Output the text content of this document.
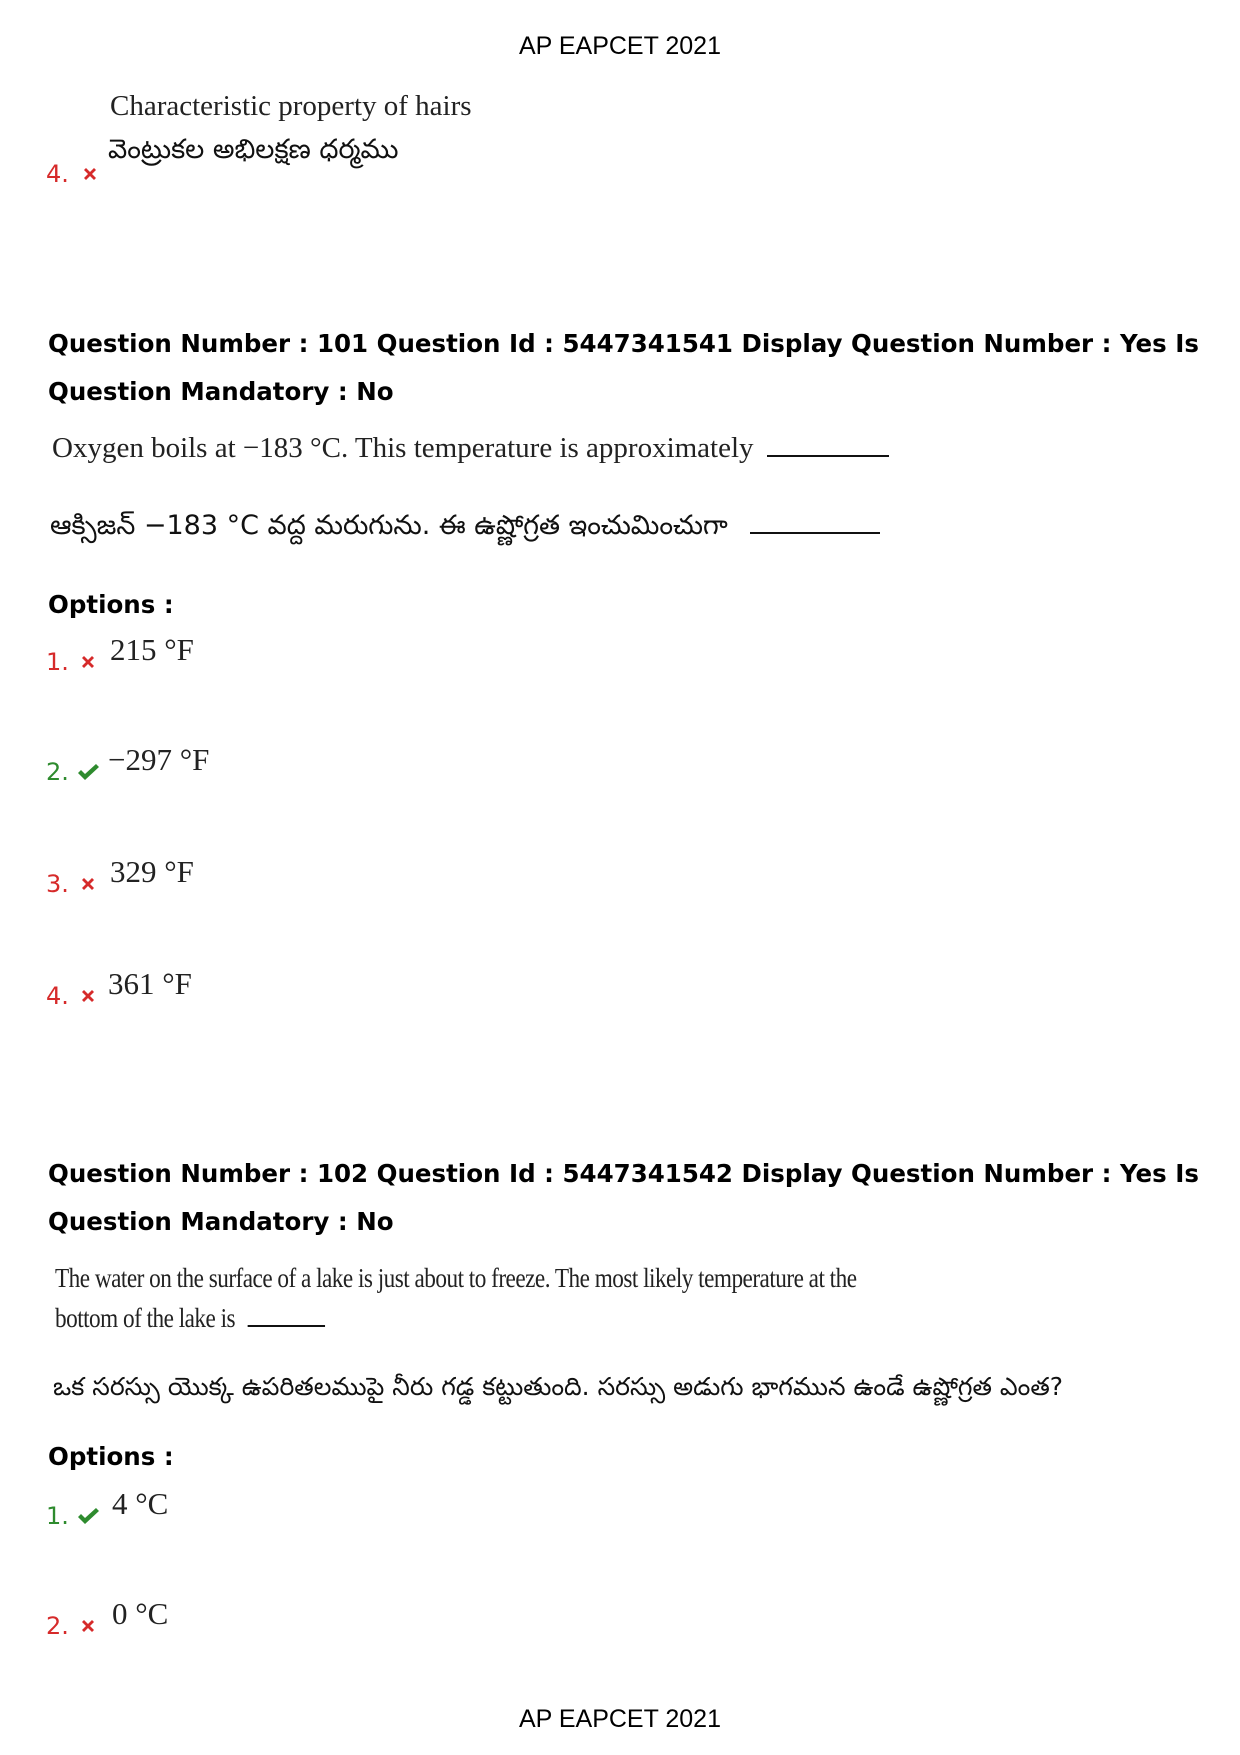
AP EAPCET 2021
Characteristic property of hairs
వెంట్రుకల అభిలక్షణ ధర్మము
4.
Question Number : 101 Question Id : 5447341541 Display Question Number : Yes Is Question Mandatory : No
Oxygen boils at −183 °C. This temperature is approximately
ఆక్సిజన్ −183 °C వద్ద మరుగును. ఈ ఉష్ణోగ్రత ఇంచుమించుగా
Options :
1. 215 °F
2. −297 °F
3. 329 °F
4. 361 °F
Question Number : 102 Question Id : 5447341542 Display Question Number : Yes Is Question Mandatory : No
The water on the surface of a lake is just about to freeze. The most likely temperature at the
bottom of the lake is
ఒక సరస్సు యొక్క ఉపరితలముపై నీరు గడ్డ కట్టుతుంది. సరస్సు అడుగు భాగమున ఉండే ఉష్ణోగ్రత ఎంత?
Options :
1. 4 °C
2. 0 °C
AP EAPCET 2021
